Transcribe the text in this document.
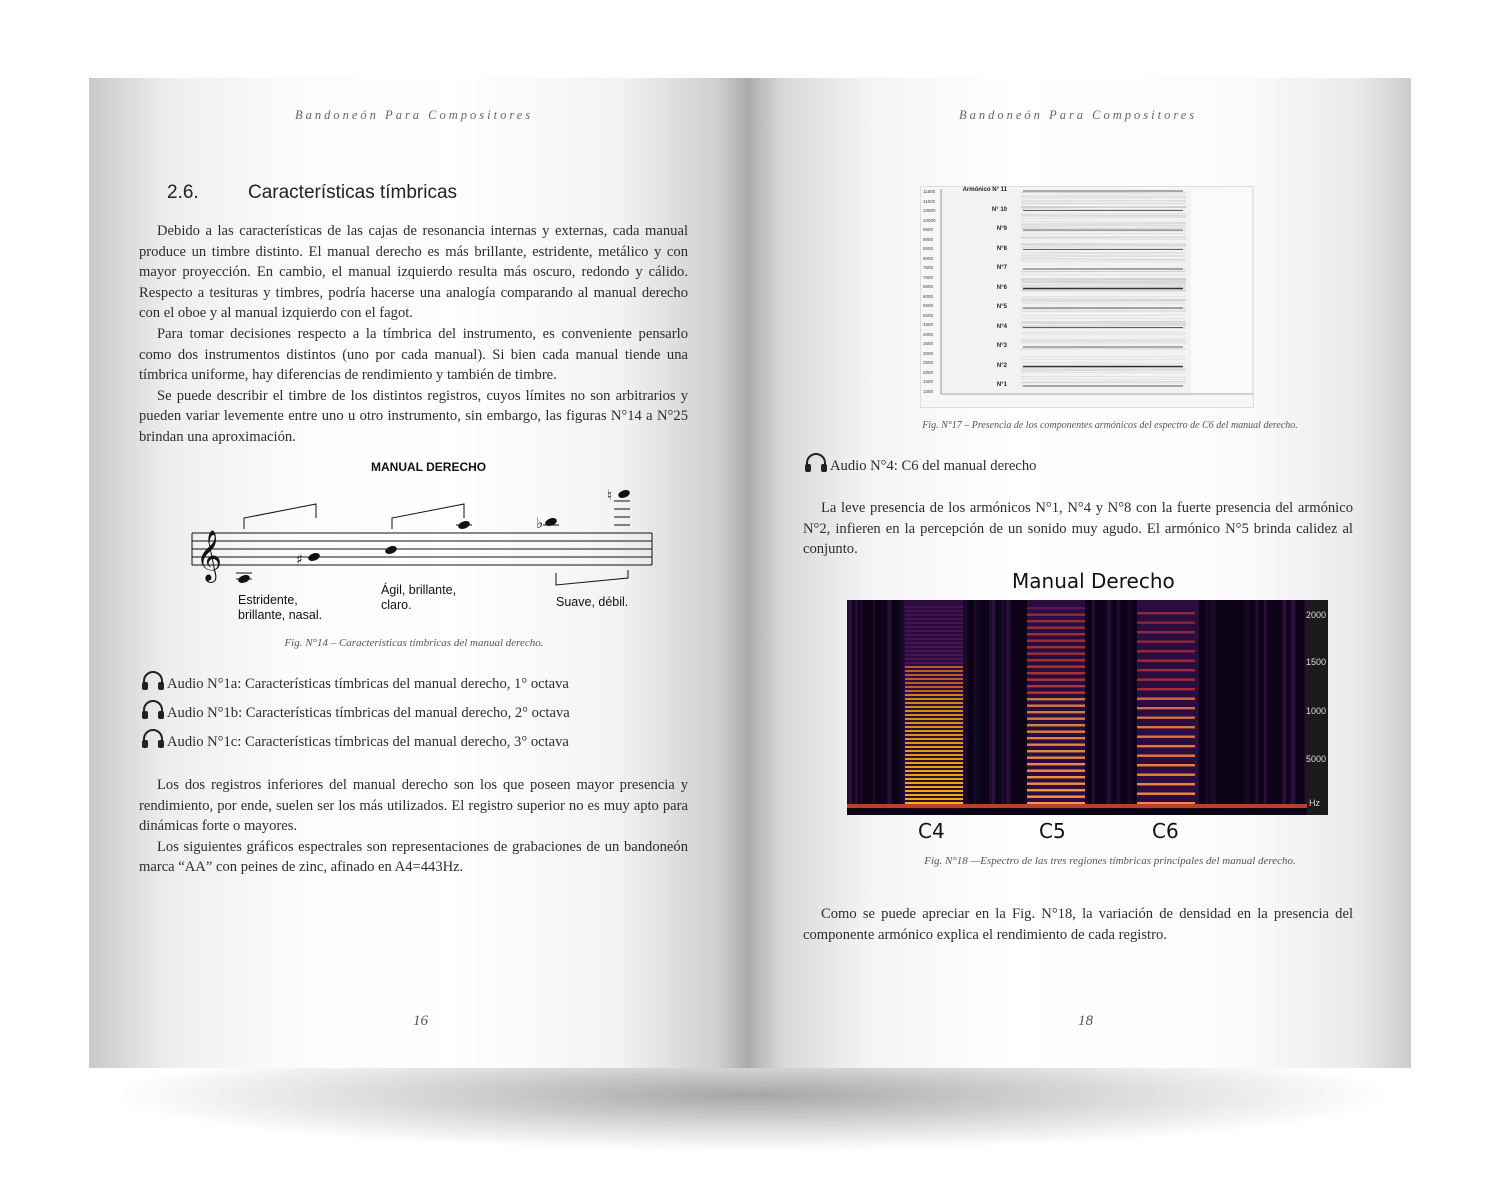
Bandoneón Para Compositores
2.6.	Características tímbricas

Debido a las características de las cajas de resonancia internas y externas, cada manual produce un timbre distinto. El manual derecho es más brillante, estridente, metálico y con mayor proyección. En cambio, el manual izquierdo resulta más oscuro, redondo y cálido. Respecto a tesituras y timbres, podría hacerse una analogía comparando al manual derecho con el oboe y al manual izquierdo con el fagot.

Para tomar decisiones respecto a la tímbrica del instrumento, es conveniente pensarlo como dos instrumentos distintos (uno por cada manual). Si bien cada manual tiende una tímbrica uniforme, hay diferencias de rendimiento y también de timbre.

Se puede describir el timbre de los distintos registros, cuyos límites no son arbitrarios y pueden variar levemente entre uno u otro instrumento, sin embargo, las figuras N°14 a N°25 brindan una aproximación.

MANUAL DERECHO
𝄞	♯
♭
♮
Estridente,
brillante, nasal.
Ágil, brillante,
claro.	Suave, débil.
Fig. N°14 – Características tímbricas del manual derecho.
Audio N°1a: Características tímbricas del manual derecho, 1° octava
Audio N°1b: Características tímbricas del manual derecho, 2° octava
Audio N°1c: Características tímbricas del manual derecho, 3° octava

Los dos registros inferiores del manual derecho son los que poseen mayor presencia y rendimiento, por ende, suelen ser los más utilizados. El registro superior no es muy apto para dinámicas forte o mayores.

Los siguientes gráficos espectrales son representaciones de grabaciones de un bandoneón marca “AA” con peines de zinc, afinado en A4=443Hz.

16
Bandoneón Para Compositores
11500
11000
10500
10000
9500
9000
8500
8000
7500
7000
6500
6000
5500
5000
4500
4000
3500
3000
2500
2000
1500
1000
Armónico N° 11
N° 10
N°9
N°8
N°7
N°6
N°5
N°4
N°3
N°2
N°1
Fig. N°17 – Presencia de los componentes armónicos del espectro de C6 del manual derecho.
Audio N°4: C6 del manual derecho

La leve presencia de los armónicos N°1, N°4 y N°8 con la fuerte presencia del armónico N°2, infieren en la percepción de un sonido muy agudo. El armónico N°5 brinda calidez al conjunto.

Manual Derecho
2000
1500
1000
5000
Hz
C4	C5	C6
Fig. N°18 —Espectro de las tres regiones tímbricas principales del manual derecho.

Como se puede apreciar en la Fig. N°18, la variación de densidad en la presencia del componente armónico explica el rendimiento de cada registro.

18
